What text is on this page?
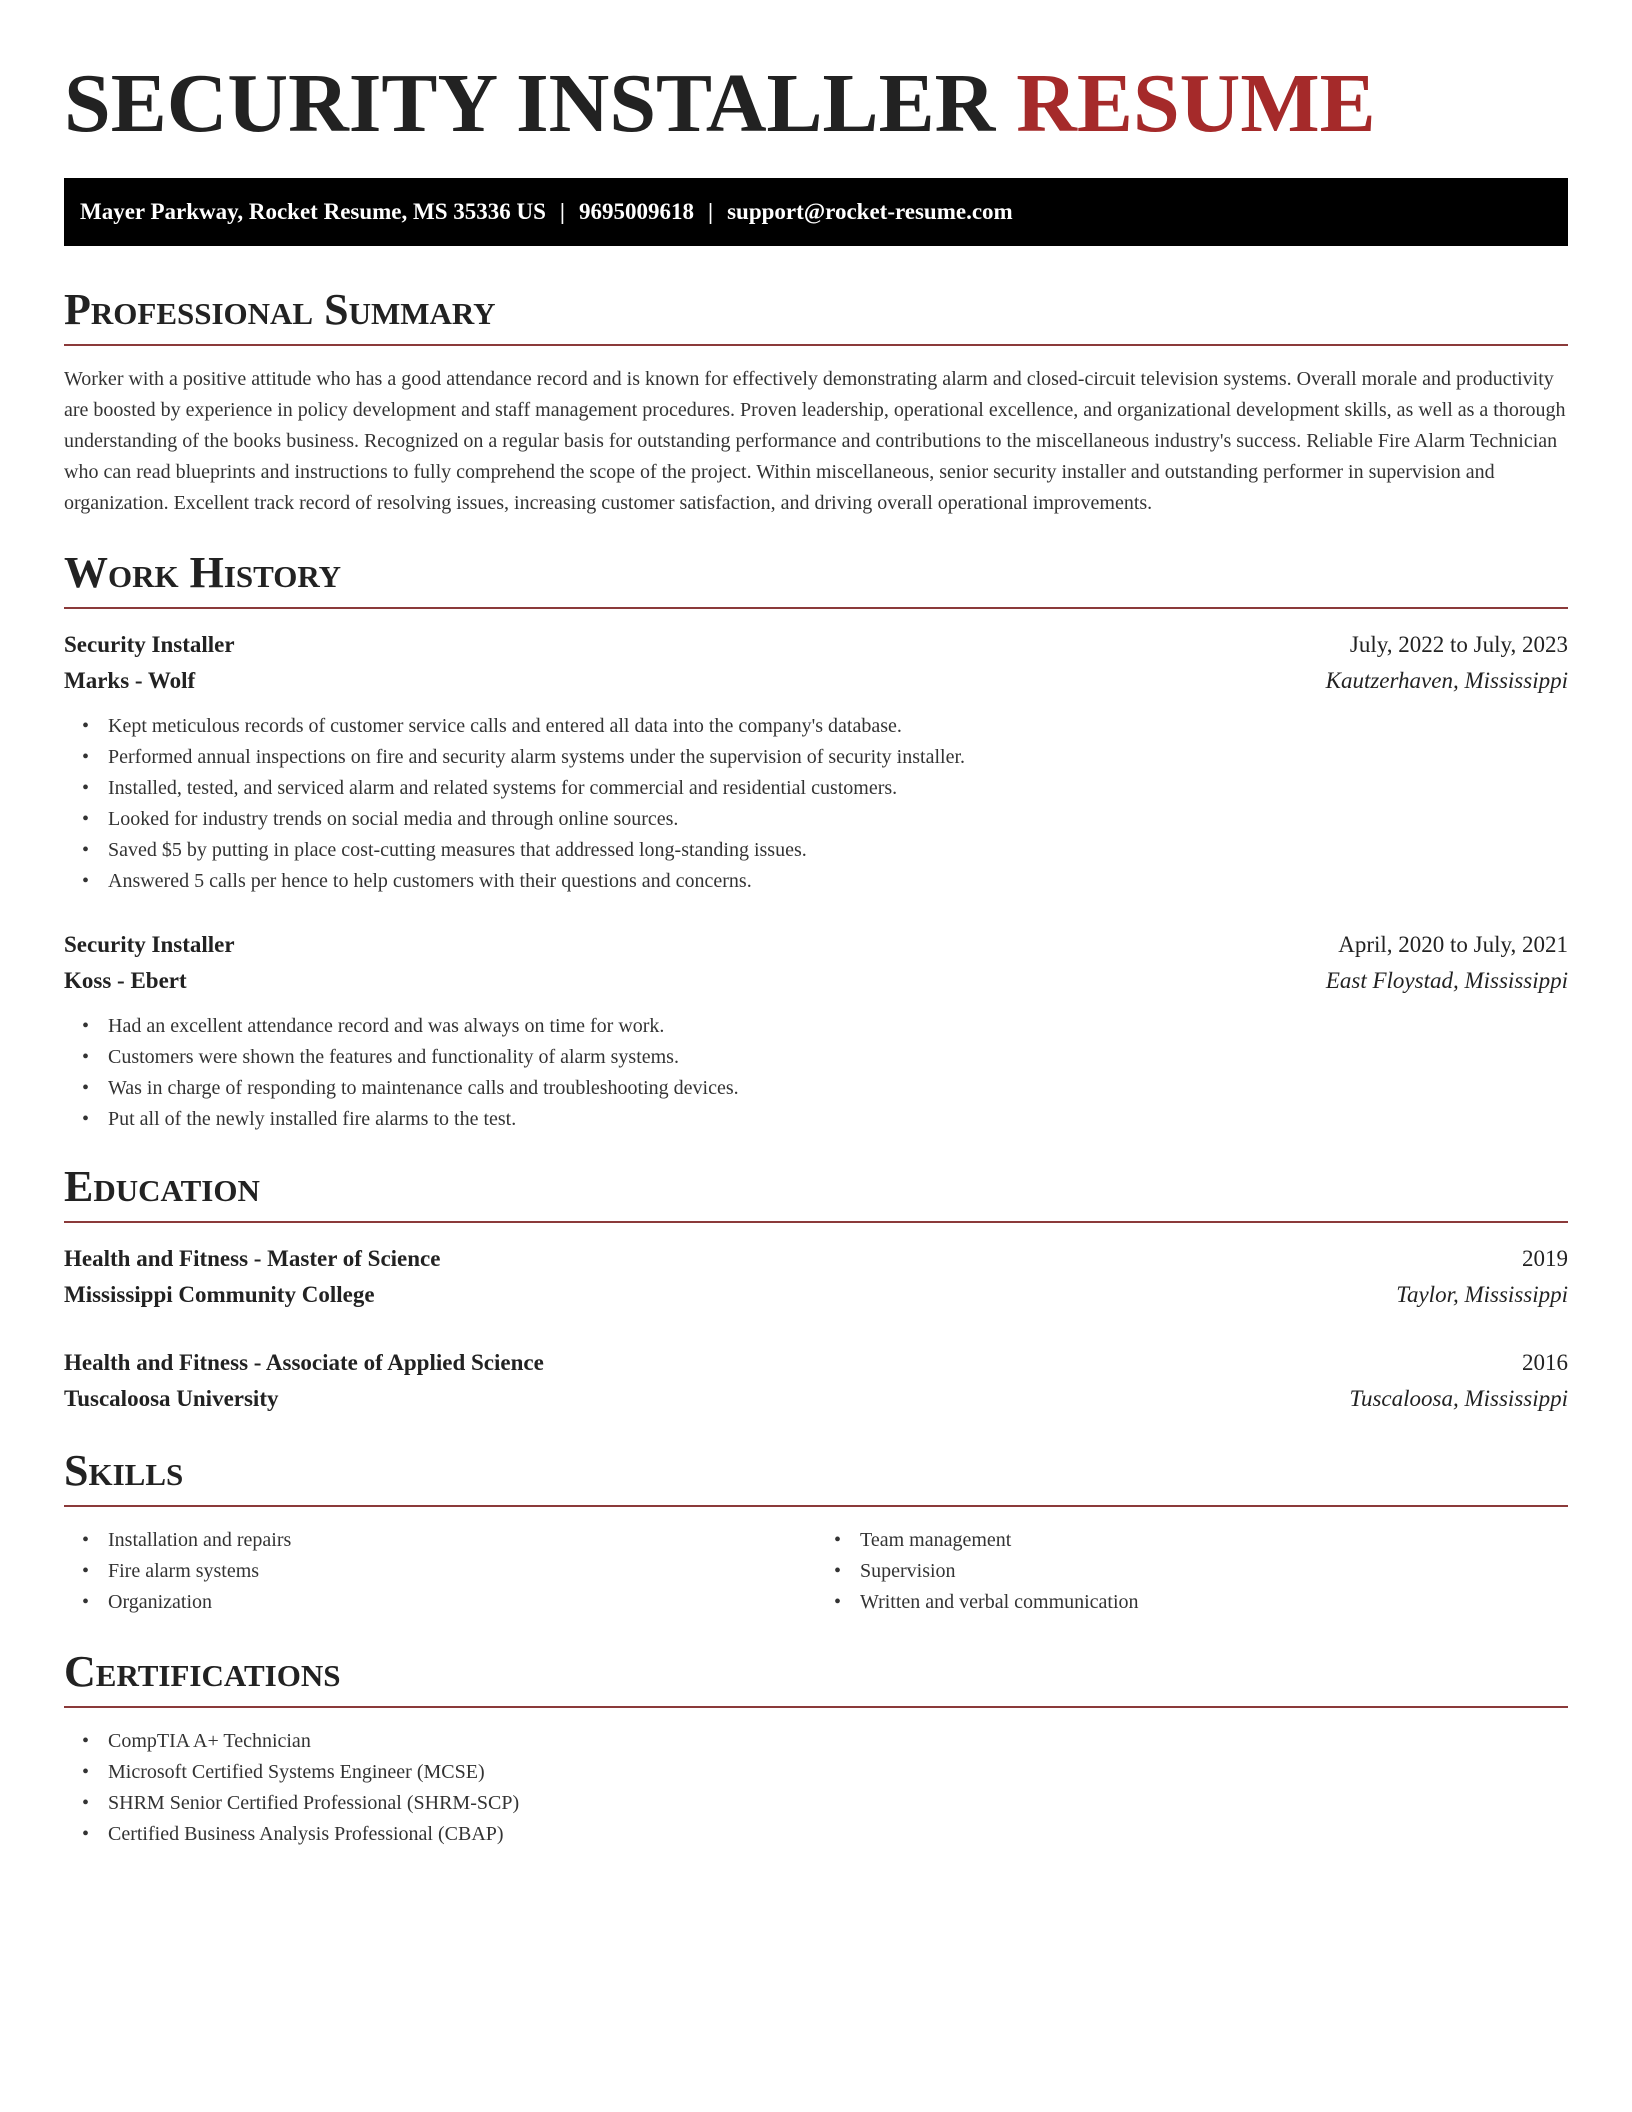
SECURITY INSTALLER RESUME
Mayer Parkway, Rocket Resume, MS 35336 US | 9695009618 | support@rocket-resume.com
Professional Summary

Worker with a positive attitude who has a good attendance record and is known for effectively demonstrating alarm and closed-circuit television systems. Overall morale and productivity are boosted by experience in policy development and staff management procedures. Proven leadership, operational excellence, and organizational development skills, as well as a thorough understanding of the books business. Recognized on a regular basis for outstanding performance and contributions to the miscellaneous industry's success. Reliable Fire Alarm Technician who can read blueprints and instructions to fully comprehend the scope of the project. Within miscellaneous, senior security installer and outstanding performer in supervision and organization. Excellent track record of resolving issues, increasing customer satisfaction, and driving overall operational improvements.

Work History
Security Installer	July, 2022 to July, 2023
Marks - Wolf	Kautzerhaven, Mississippi
• Kept meticulous records of customer service calls and entered all data into the company's database.
• Performed annual inspections on fire and security alarm systems under the supervision of security installer.
• Installed, tested, and serviced alarm and related systems for commercial and residential customers.
• Looked for industry trends on social media and through online sources.
• Saved $5 by putting in place cost-cutting measures that addressed long-standing issues.
• Answered 5 calls per hence to help customers with their questions and concerns.
Security Installer	April, 2020 to July, 2021
Koss - Ebert	East Floystad, Mississippi
• Had an excellent attendance record and was always on time for work.
• Customers were shown the features and functionality of alarm systems.
• Was in charge of responding to maintenance calls and troubleshooting devices.
• Put all of the newly installed fire alarms to the test.
Education
Health and Fitness - Master of Science	2019
Mississippi Community College	Taylor, Mississippi
Health and Fitness - Associate of Applied Science	2016
Tuscaloosa University	Tuscaloosa, Mississippi
Skills
• Installation and repairs
• Fire alarm systems
• Organization
• Team management
• Supervision
• Written and verbal communication
Certifications
• CompTIA A+ Technician
• Microsoft Certified Systems Engineer (MCSE)
• SHRM Senior Certified Professional (SHRM-SCP)
• Certified Business Analysis Professional (CBAP)
